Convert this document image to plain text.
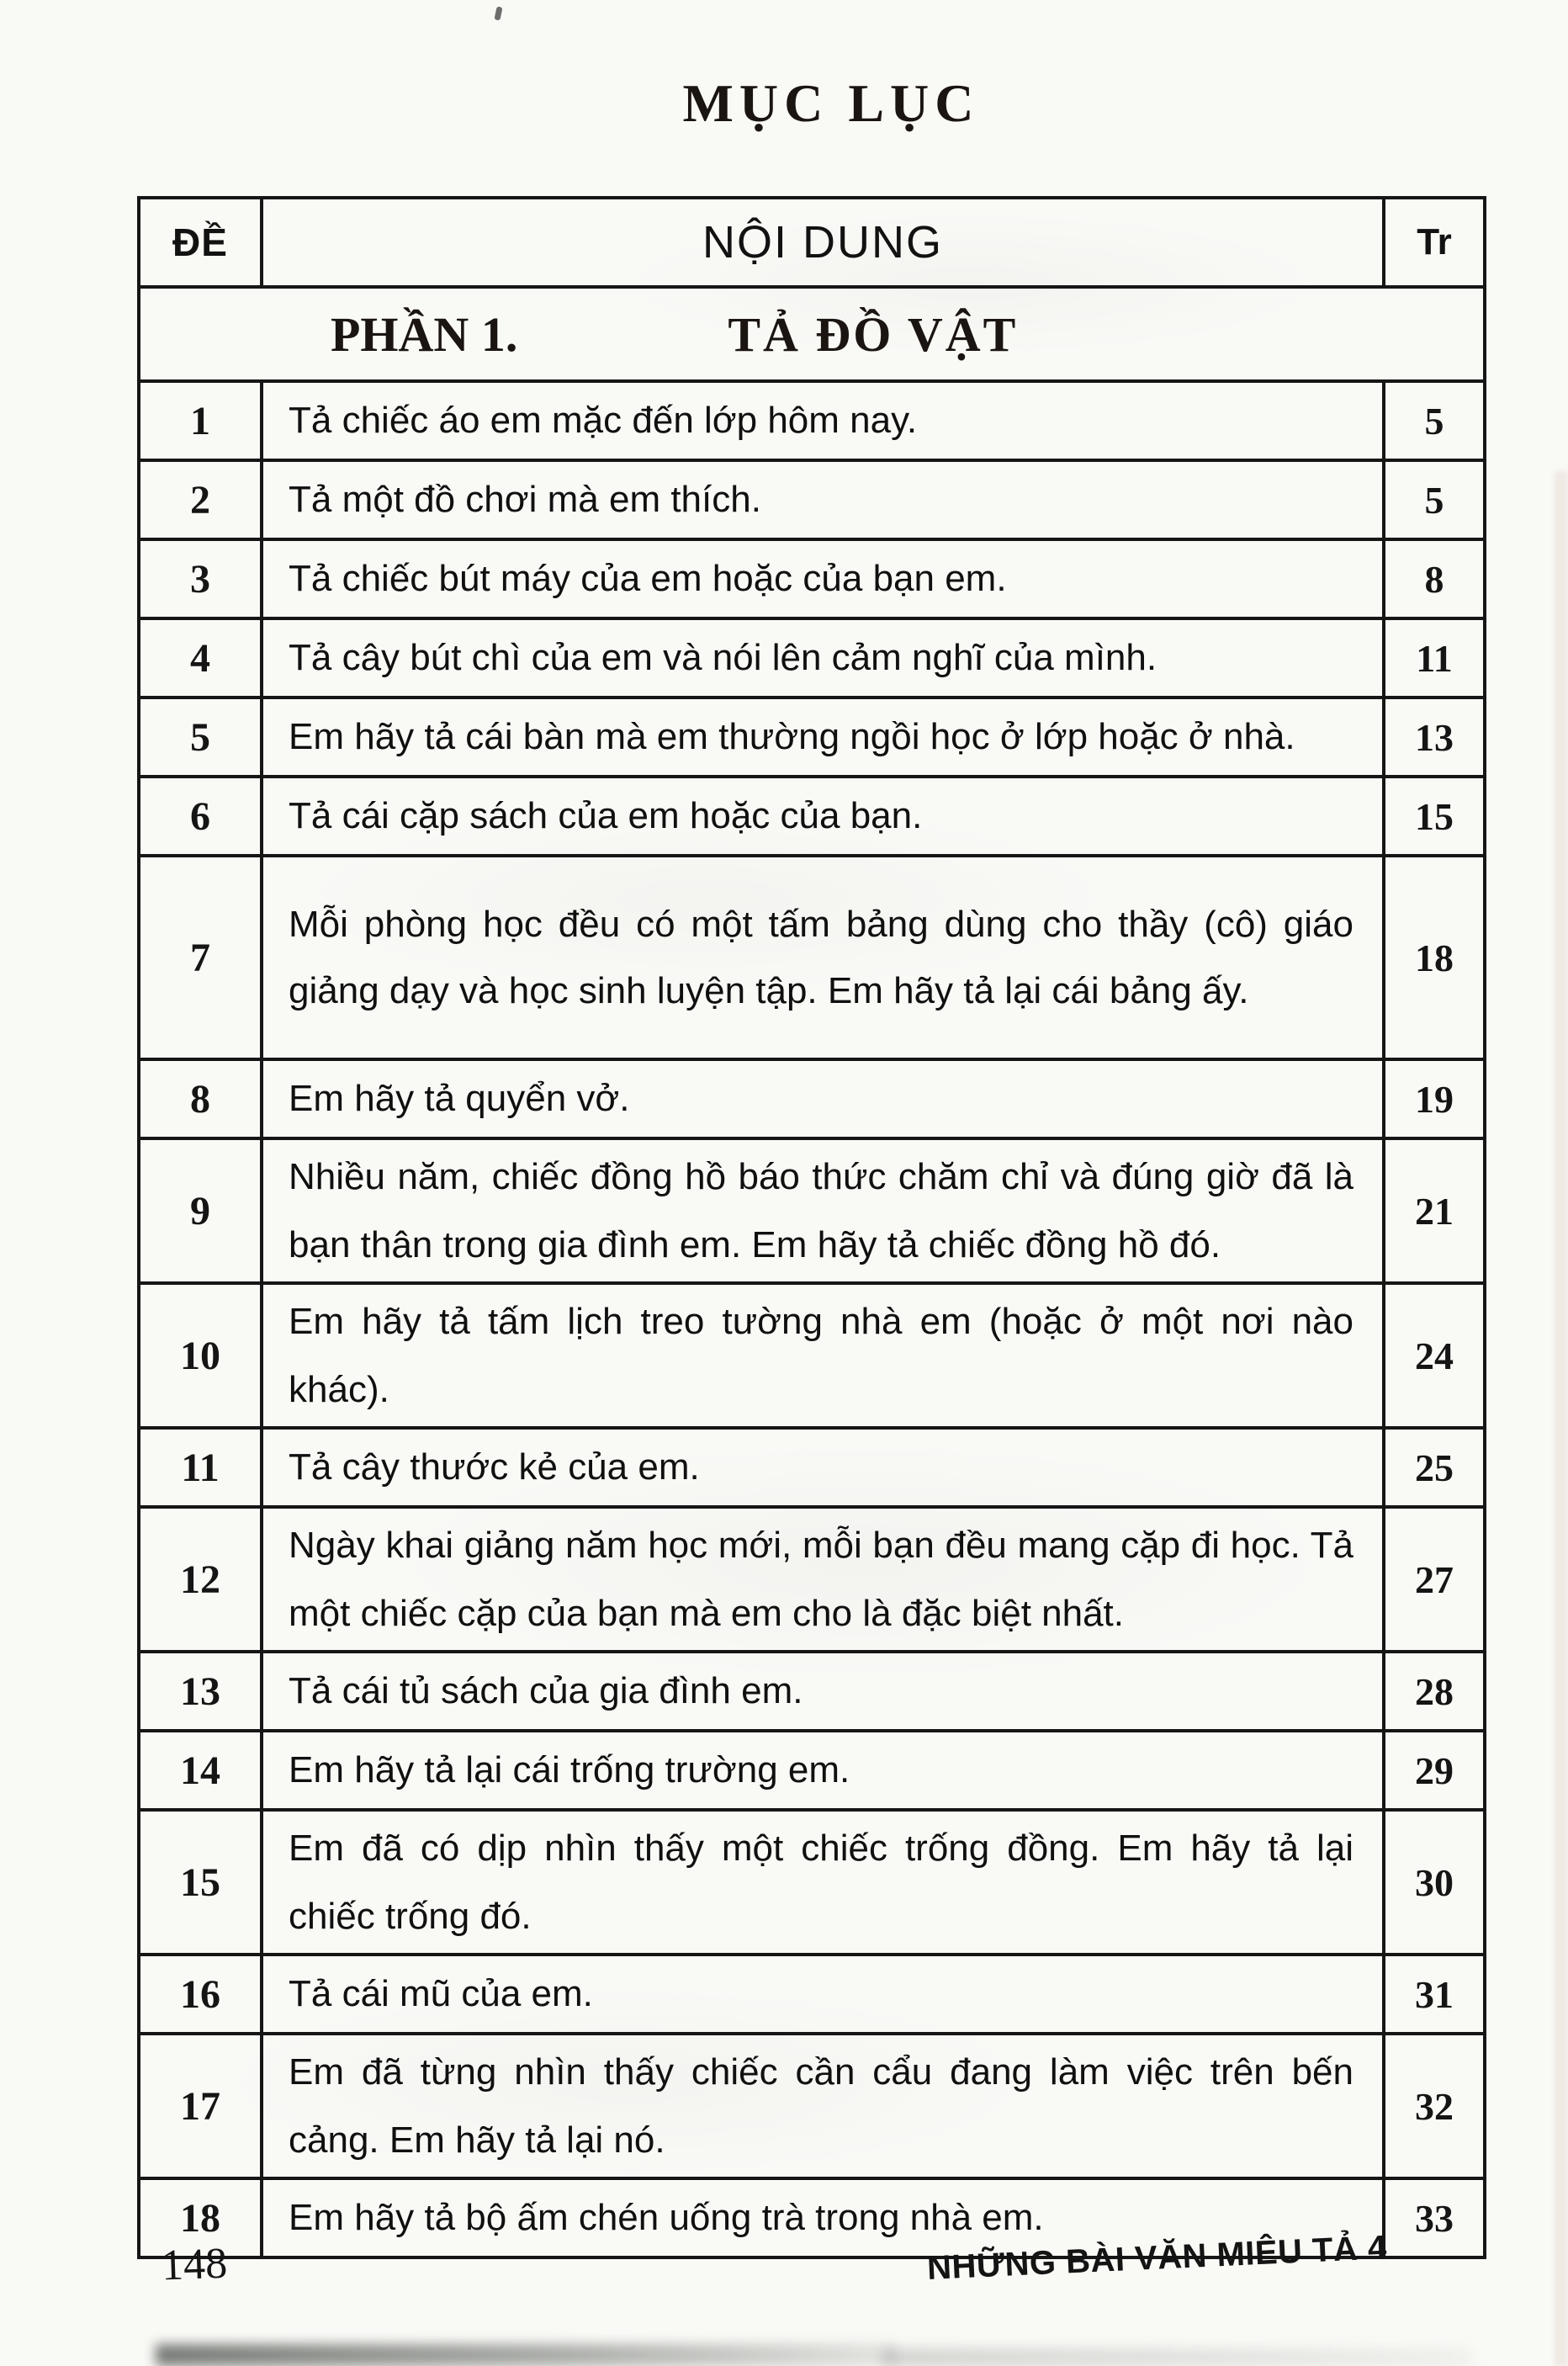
MỤC LỤC
ĐỀ	NỘI DUNG	Tr

PHẦN 1. TẢ ĐỒ VẬT		

1	Tả chiếc áo em mặc đến lớp hôm nay.	5
2	Tả một đồ chơi mà em thích.	5
3	Tả chiếc bút máy của em hoặc của bạn em.	8
4	Tả cây bút chì của em và nói lên cảm nghĩ của mình.	11
5	Em hãy tả cái bàn mà em thường ngồi học ở lớp hoặc ở nhà.	13
6	Tả cái cặp sách của em hoặc của bạn.	15
7	Mỗi phòng học đều có một tấm bảng dùng cho thầy (cô) giáo giảng dạy và học sinh luyện tập. Em hãy tả lại cái bảng ấy.	18
8	Em hãy tả quyển vở.	19
9	Nhiều năm, chiếc đồng hồ báo thức chăm chỉ và đúng giờ đã là bạn thân trong gia đình em. Em hãy tả chiếc đồng hồ đó.	21
10	Em hãy tả tấm lịch treo tường nhà em (hoặc ở một nơi nào khác).	24
11	Tả cây thước kẻ của em.	25
12	Ngày khai giảng năm học mới, mỗi bạn đều mang cặp đi học. Tả một chiếc cặp của bạn mà em cho là đặc biệt nhất.	27
13	Tả cái tủ sách của gia đình em.	28
14	Em hãy tả lại cái trống trường em.	29
15	Em đã có dịp nhìn thấy một chiếc trống đồng. Em hãy tả lại chiếc trống đó.	30
16	Tả cái mũ của em.	31
17	Em đã từng nhìn thấy chiếc cần cẩu đang làm việc trên bến cảng. Em hãy tả lại nó.	32
18	Em hãy tả bộ ấm chén uống trà trong nhà em.	33
148	NHỮNG BÀI VĂN MIÊU TẢ 4
